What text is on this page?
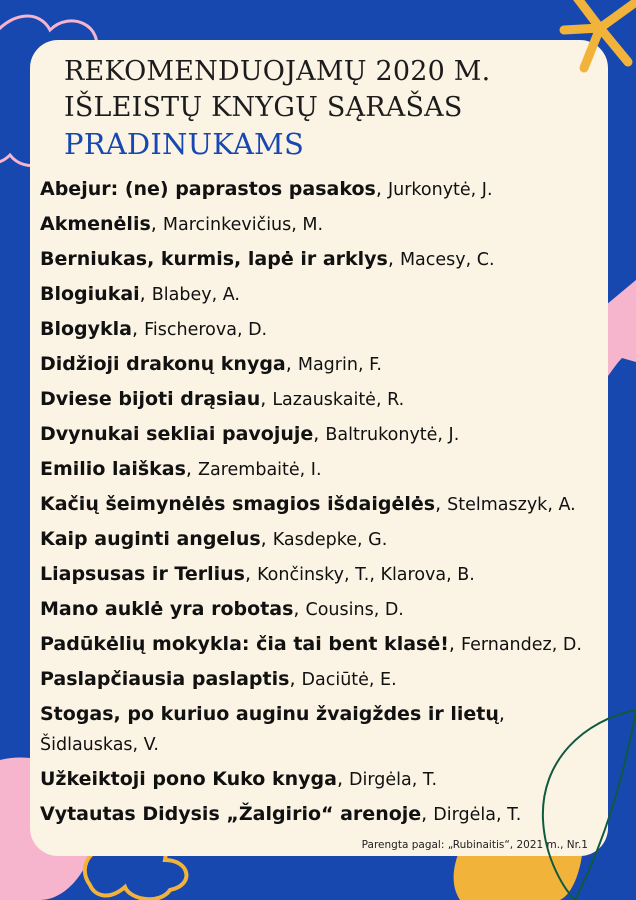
REKOMENDUOJAMŲ 2020 M.
IŠLEISTŲ KNYGŲ SĄRAŠAS
PRADINUKAMS
Abejur: (ne) paprastos pasakos, Jurkonytė, J.
Akmenėlis, Marcinkevičius, M.
Berniukas, kurmis, lapė ir arklys, Macesy, C.
Blogiukai, Blabey, A.
Blogykla, Fischerova, D.
Didžioji drakonų knyga, Magrin, F.
Dviese bijoti drąsiau, Lazauskaitė, R.
Dvynukai sekliai pavojuje, Baltrukonytė, J.
Emilio laiškas, Zarembaitė, I.
Kačių šeimynėlės smagios išdaigėlės, Stelmaszyk, A.
Kaip auginti angelus, Kasdepke, G.
Liapsusas ir Terlius, Končinsky, T., Klarova, B.
Mano auklė yra robotas, Cousins, D.
Padūkėlių mokykla: čia tai bent klasė!, Fernandez, D.
Paslapčiausia paslaptis, Daciūtė, E.
Stogas, po kuriuo auginu žvaigždes ir lietų,
Šidlauskas, V.
Užkeiktoji pono Kuko knyga, Dirgėla, T.
Vytautas Didysis „Žalgirio“ arenoje, Dirgėla, T.
Parengta pagal: „Rubinaitis“, 2021 m., Nr.1
